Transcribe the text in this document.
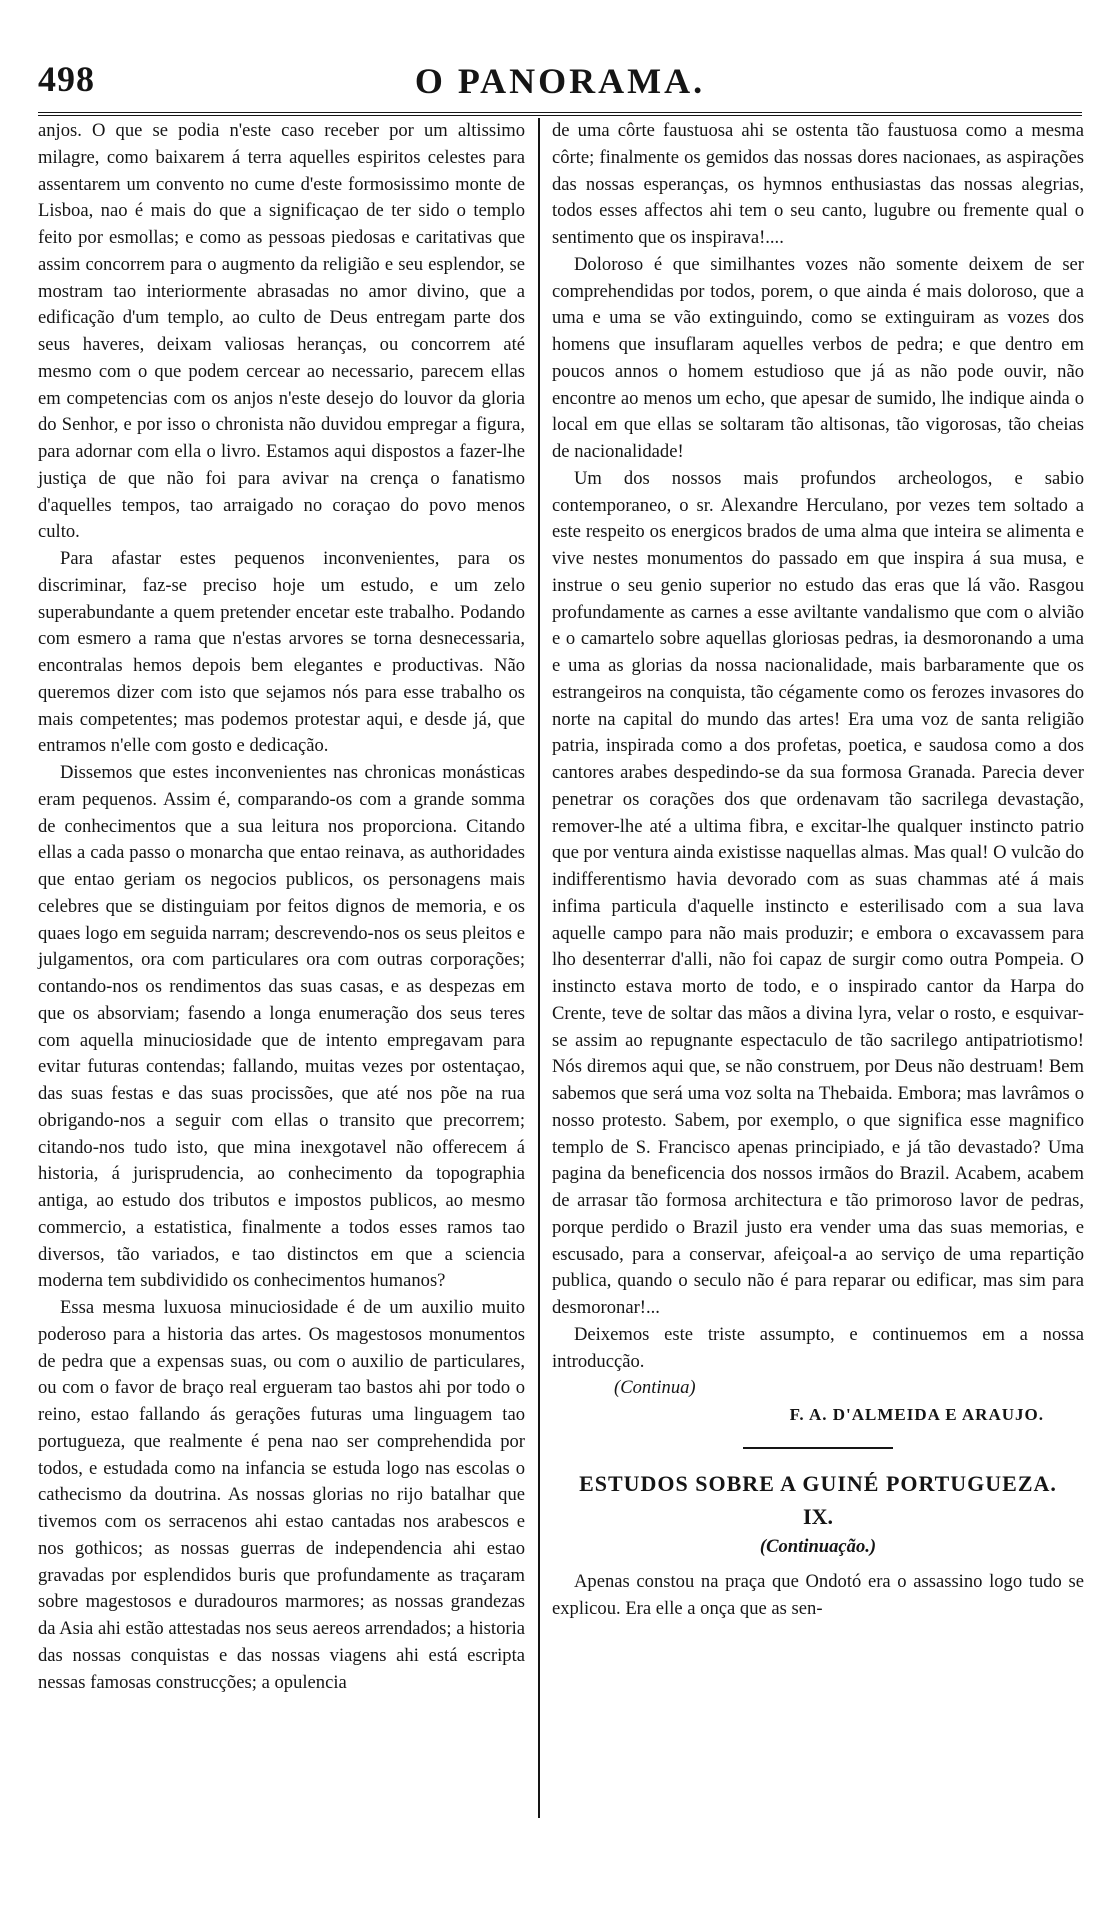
498	O PANORAMA.

anjos. O que se podia n'este caso receber por um altissimo milagre, como baixarem á terra aquelles espiritos celestes para assentarem um convento no cume d'este formosissimo monte de Lisboa, nao é mais do que a significaçao de ter sido o templo feito por esmollas; e como as pessoas piedosas e caritativas que assim concorrem para o augmento da religião e seu esplendor, se mostram tao interiormente abrasadas no amor divino, que a edificação d'um templo, ao culto de Deus entregam parte dos seus haveres, deixam valiosas heranças, ou concorrem até mesmo com o que podem cercear ao necessario, parecem ellas em competencias com os anjos n'este desejo do louvor da gloria do Senhor, e por isso o chronista não duvidou empregar a figura, para adornar com ella o livro. Estamos aqui dispostos a fazer-lhe justiça de que não foi para avivar na crença o fanatismo d'aquelles tempos, tao arraigado no coraçao do povo menos culto.

Para afastar estes pequenos inconvenientes, para os discriminar, faz-se preciso hoje um estudo, e um zelo superabundante a quem pretender encetar este trabalho. Podando com esmero a rama que n'estas arvores se torna desnecessaria, encontralas hemos depois bem elegantes e productivas. Não queremos dizer com isto que sejamos nós para esse trabalho os mais competentes; mas podemos protestar aqui, e desde já, que entramos n'elle com gosto e dedicação.

Dissemos que estes inconvenientes nas chronicas monásticas eram pequenos. Assim é, comparando-os com a grande somma de conhecimentos que a sua leitura nos proporciona. Citando ellas a cada passo o monarcha que entao reinava, as authoridades que entao geriam os negocios publicos, os personagens mais celebres que se distinguiam por feitos dignos de memoria, e os quaes logo em seguida narram; descrevendo-nos os seus pleitos e julgamentos, ora com particulares ora com outras corporações; contando-nos os rendimentos das suas casas, e as despezas em que os absorviam; fasendo a longa enumeração dos seus teres com aquella minuciosidade que de intento empregavam para evitar futuras contendas; fallando, muitas vezes por ostentaçao, das suas festas e das suas procissões, que até nos põe na rua obrigando-nos a seguir com ellas o transito que precorrem; citando-nos tudo isto, que mina inexgotavel não offerecem á historia, á jurisprudencia, ao conhecimento da topographia antiga, ao estudo dos tributos e impostos publicos, ao mesmo commercio, a estatistica, finalmente a todos esses ramos tao diversos, tão variados, e tao distinctos em que a sciencia moderna tem subdividido os conhecimentos humanos?

Essa mesma luxuosa minuciosidade é de um auxilio muito poderoso para a historia das artes. Os magestosos monumentos de pedra que a expensas suas, ou com o auxilio de particulares, ou com o favor de braço real ergueram tao bastos ahi por todo o reino, estao fallando ás gerações futuras uma linguagem tao portugueza, que realmente é pena nao ser comprehendida por todos, e estudada como na infancia se estuda logo nas escolas o cathecismo da doutrina. As nossas glorias no rijo batalhar que tivemos com os serracenos ahi estao cantadas nos arabescos e nos gothicos; as nossas guerras de independencia ahi estao gravadas por esplendidos buris que profundamente as traçaram sobre magestosos e duradouros marmores; as nossas grandezas da Asia ahi estão attestadas nos seus aereos arrendados; a historia das nossas conquistas e das nossas viagens ahi está escripta nessas famosas construcções; a opulencia

de uma côrte faustuosa ahi se ostenta tão faustuosa como a mesma côrte; finalmente os gemidos das nossas dores nacionaes, as aspirações das nossas esperanças, os hymnos enthusiastas das nossas alegrias, todos esses affectos ahi tem o seu canto, lugubre ou fremente qual o sentimento que os inspirava!....

Doloroso é que similhantes vozes não somente deixem de ser comprehendidas por todos, porem, o que ainda é mais doloroso, que a uma e uma se vão extinguindo, como se extinguiram as vozes dos homens que insuflaram aquelles verbos de pedra; e que dentro em poucos annos o homem estudioso que já as não pode ouvir, não encontre ao menos um echo, que apesar de sumido, lhe indique ainda o local em que ellas se soltaram tão altisonas, tão vigorosas, tão cheias de nacionalidade!

Um dos nossos mais profundos archeologos, e sabio contemporaneo, o sr. Alexandre Herculano, por vezes tem soltado a este respeito os energicos brados de uma alma que inteira se alimenta e vive nestes monumentos do passado em que inspira á sua musa, e instrue o seu genio superior no estudo das eras que lá vão. Rasgou profundamente as carnes a esse aviltante vandalismo que com o alvião e o camartelo sobre aquellas gloriosas pedras, ia desmoronando a uma e uma as glorias da nossa nacionalidade, mais barbaramente que os estrangeiros na conquista, tão cégamente como os ferozes invasores do norte na capital do mundo das artes! Era uma voz de santa religião patria, inspirada como a dos profetas, poetica, e saudosa como a dos cantores arabes despedindo-se da sua formosa Granada. Parecia dever penetrar os corações dos que ordenavam tão sacrilega devastação, remover-lhe até a ultima fibra, e excitar-lhe qualquer instincto patrio que por ventura ainda existisse naquellas almas. Mas qual! O vulcão do indifferentismo havia devorado com as suas chammas até á mais infima particula d'aquelle instincto e esterilisado com a sua lava aquelle campo para não mais produzir; e embora o excavassem para lho desenterrar d'alli, não foi capaz de surgir como outra Pompeia. O instincto estava morto de todo, e o inspirado cantor da Harpa do Crente, teve de soltar das mãos a divina lyra, velar o rosto, e esquivar-se assim ao repugnante espectaculo de tão sacrilego antipatriotismo! Nós diremos aqui que, se não construem, por Deus não destruam! Bem sabemos que será uma voz solta na Thebaida. Embora; mas lavrâmos o nosso protesto. Sabem, por exemplo, o que significa esse magnifico templo de S. Francisco apenas principiado, e já tão devastado? Uma pagina da beneficencia dos nossos irmãos do Brazil. Acabem, acabem de arrasar tão formosa architectura e tão primoroso lavor de pedras, porque perdido o Brazil justo era vender uma das suas memorias, e escusado, para a conservar, afeiçoal-a ao serviço de uma repartição publica, quando o seculo não é para reparar ou edificar, mas sim para desmoronar!...

Deixemos este triste assumpto, e continuemos em a nossa introducção.

(Continua)

F. A. D'ALMEIDA E ARAUJO.

ESTUDOS SOBRE A GUINÉ PORTUGUEZA.
IX.
(Continuação.)

Apenas constou na praça que Ondotó era o assassino logo tudo se explicou. Era elle a onça que as sen-
